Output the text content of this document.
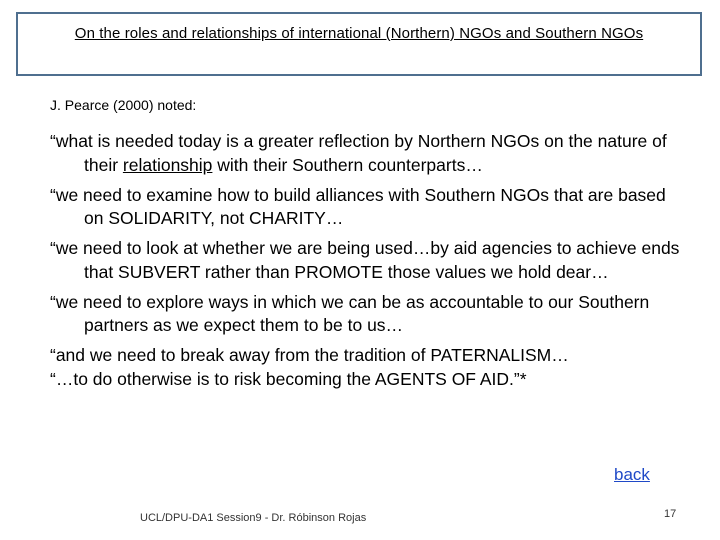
On the roles and relationships of international (Northern) NGOs and Southern NGOs
J. Pearce (2000) noted:

“what is needed today is a greater reflection by Northern NGOs on the nature of their relationship with their Southern counterparts…

“we need to examine how to build alliances with Southern NGOs that are based on SOLIDARITY, not CHARITY…

“we need to look at whether we are being used…by aid agencies to achieve ends that SUBVERT rather than PROMOTE those values we hold dear…

“we need to explore ways in which we can be as accountable to our Southern partners as we expect them to be to us…

“and we need to break away from the tradition of PATERNALISM…

“…to do otherwise is to risk becoming the AGENTS OF AID.”*

back
UCL/DPU-DA1 Session9 - Dr. Róbinson Rojas	17
